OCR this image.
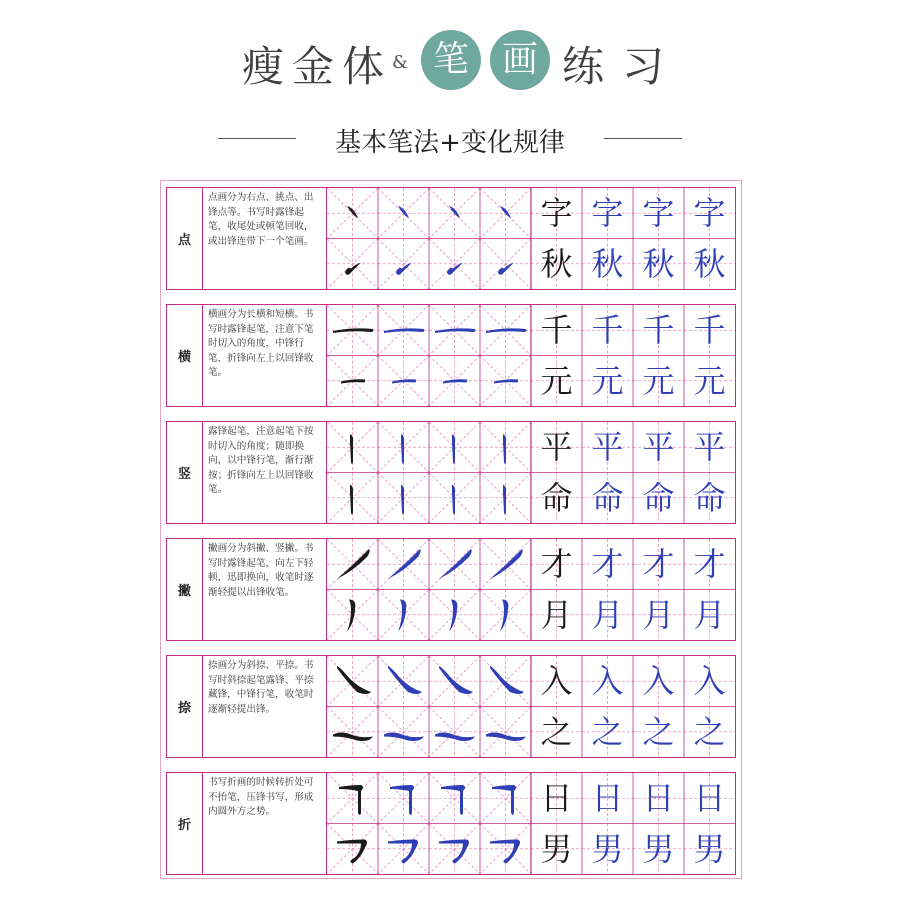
瘦 金 体 & 笔 画 练 习
基本笔法+变化规律
点
点画分为右点、挑点、出锋点等。书写时露锋起笔，收尾处或顿笔回收，或出锋连带下一个笔画。
字 字 字 字
秋 秋 秋 秋
横
横画分为长横和短横。书写时露锋起笔，注意下笔时切入的角度，中锋行笔，折锋向左上以回锋收笔。
千 千 千 千
元 元 元 元
竖
露锋起笔，注意起笔下按时切入的角度；随即换向，以中锋行笔，渐行渐按；折锋向左上以回锋收笔。
平 平 平 平
命 命 命 命
撇
撇画分为斜撇、竖撇。书写时露锋起笔，向左下轻顿，迅即换向，收笔时逐渐轻提以出锋收笔。
才 才 才 才
月 月 月 月
捺
捺画分为斜捺、平捺。书写时斜捺起笔露锋、平捺藏锋，中锋行笔，收笔时逐渐轻提出锋。
入 入 入 入
之 之 之 之
折
书写折画的时候转折处可不抬笔，压锋书写，形成内圆外方之势。	日 日 日 日
男 男 男 男
